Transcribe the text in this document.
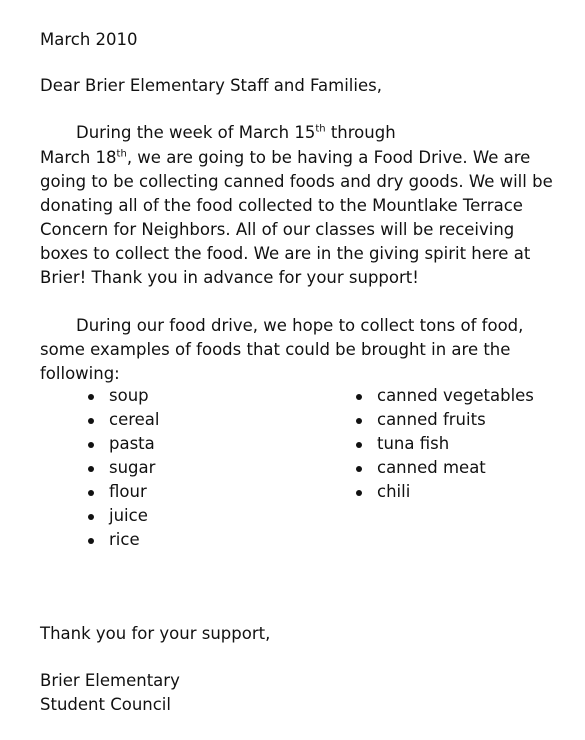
March 2010
Dear Brier Elementary Staff and Families,
During the week of March 15th through
March 18th, we are going to be having a Food Drive. We are
going to be collecting canned foods and dry goods. We will be
donating all of the food collected to the Mountlake Terrace
Concern for Neighbors. All of our classes will be receiving
boxes to collect the food. We are in the giving spirit here at
Brier! Thank you in advance for your support!
During our food drive, we hope to collect tons of food,
some examples of foods that could be brought in are the
following:
soup
cereal
pasta
sugar
flour
juice
rice
canned vegetables
canned fruits
tuna fish
canned meat
chili
Thank you for your support,
Brier Elementary
Student Council
